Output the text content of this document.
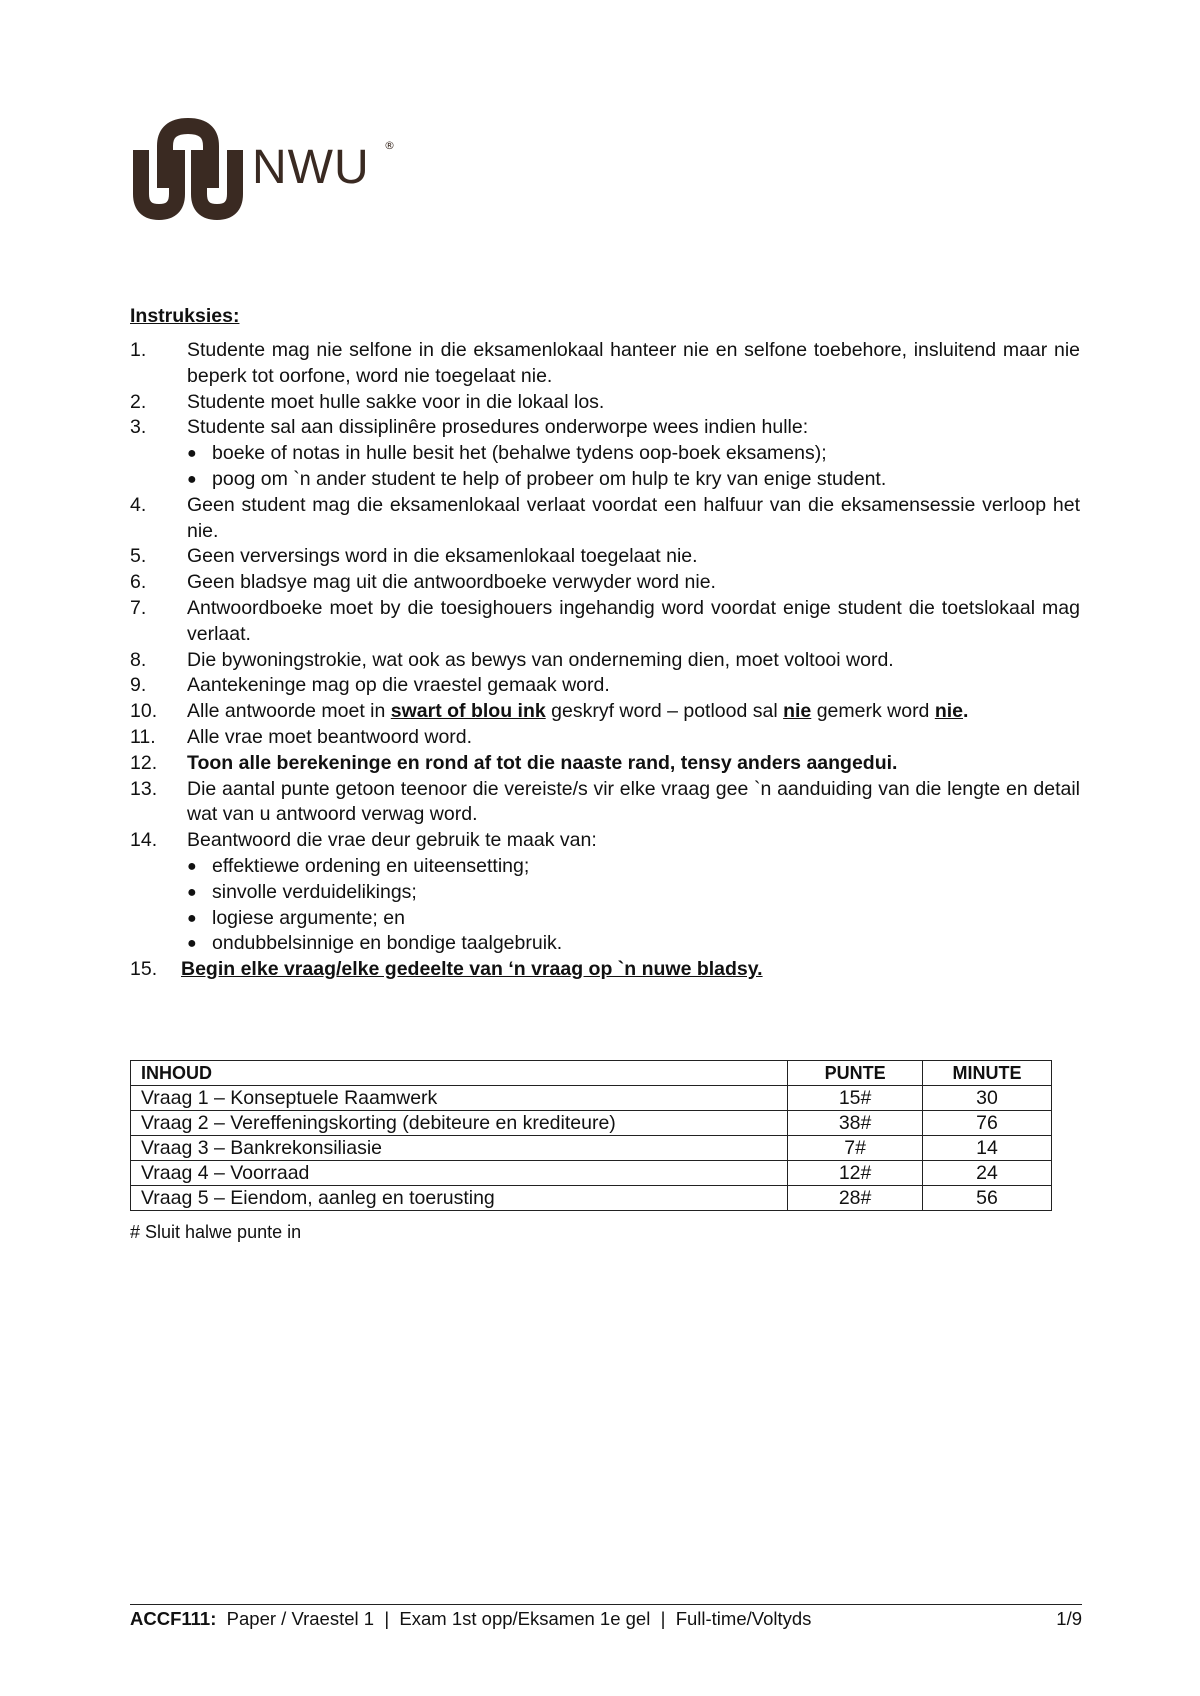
NWU ®
Instruksies:
1.	Studente mag nie selfone in die eksamenlokaal hanteer nie en selfone toebehore, insluitend maar nie beperk tot oorfone, word nie toegelaat nie.
2.	Studente moet hulle sakke voor in die lokaal los.
3.	Studente sal aan dissiplinêre prosedures onderworpe wees indien hulle:
● boeke of notas in hulle besit het (behalwe tydens oop-boek eksamens);
● poog om `n ander student te help of probeer om hulp te kry van enige student.
4.	Geen student mag die eksamenlokaal verlaat voordat een halfuur van die eksamensessie verloop het nie.
5.	Geen verversings word in die eksamenlokaal toegelaat nie.
6.	Geen bladsye mag uit die antwoordboeke verwyder word nie.
7.	Antwoordboeke moet by die toesighouers ingehandig word voordat enige student die toetslokaal mag verlaat.
8.	Die bywoningstrokie, wat ook as bewys van onderneming dien, moet voltooi word.
9.	Aantekeninge mag op die vraestel gemaak word.
10.	Alle antwoorde moet in swart of blou ink geskryf word – potlood sal nie gemerk word nie.
11.	Alle vrae moet beantwoord word.
12.	Toon alle berekeninge en rond af tot die naaste rand, tensy anders aangedui.
13.	Die aantal punte getoon teenoor die vereiste/s vir elke vraag gee `n aanduiding van die lengte en detail wat van u antwoord verwag word.
14.	Beantwoord die vrae deur gebruik te maak van:
● effektiewe ordening en uiteensetting;
● sinvolle verduidelikings;
● logiese argumente; en
● ondubbelsinnige en bondige taalgebruik.
15.	Begin elke vraag/elke gedeelte van ‘n vraag op `n nuwe bladsy.
INHOUD	PUNTE	MINUTE
Vraag 1 – Konseptuele Raamwerk	15#	30
Vraag 2 – Vereffeningskorting (debiteure en krediteure)	38#	76
Vraag 3 – Bankrekonsiliasie	7#	14
Vraag 4 – Voorraad	12#	24
Vraag 5 – Eiendom, aanleg en toerusting	28#	56
# Sluit halwe punte in
ACCF111: Paper / Vraestel 1  |  Exam 1st opp/Eksamen 1e gel  |  Full-time/Voltyds	1/9
